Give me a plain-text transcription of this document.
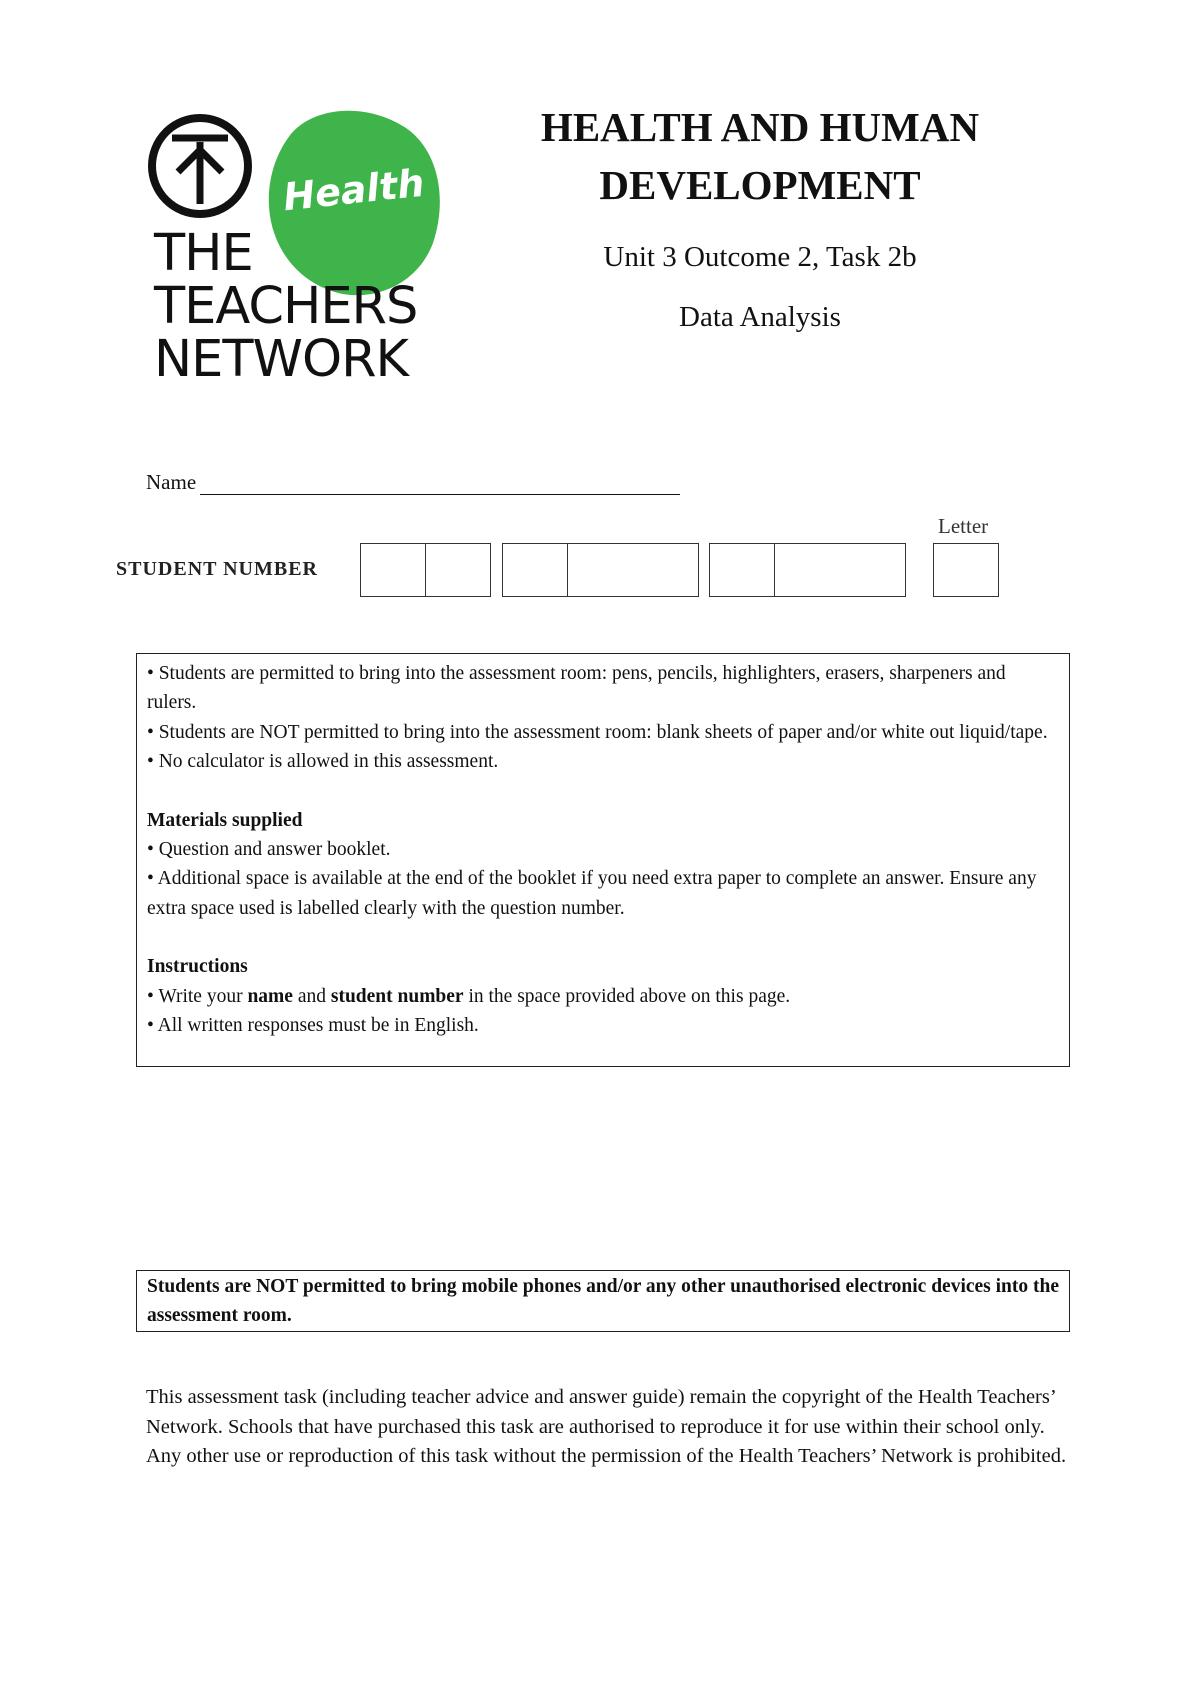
Health
THE
TEACHERS
NETWORK
HEALTH AND HUMAN
DEVELOPMENT
Unit 3 Outcome 2, Task 2b
Data Analysis
Name
STUDENT NUMBER
Letter

• Students are permitted to bring into the assessment room: pens, pencils, highlighters, erasers, sharpeners and rulers.

• Students are NOT permitted to bring into the assessment room: blank sheets of paper and/or white out liquid/tape.

• No calculator is allowed in this assessment.

Materials supplied

• Question and answer booklet.

• Additional space is available at the end of the booklet if you need extra paper to complete an answer. Ensure any extra space used is labelled clearly with the question number.

Instructions

• Write your name and student number in the space provided above on this page.

• All written responses must be in English.

Students are NOT permitted to bring mobile phones and/or any other unauthorised electronic devices into the assessment room.

This assessment task (including teacher advice and answer guide) remain the copyright of the Health Teachers’ Network. Schools that have purchased this task are authorised to reproduce it for use within their school only. Any other use or reproduction of this task without the permission of the Health Teachers’ Network is prohibited.
